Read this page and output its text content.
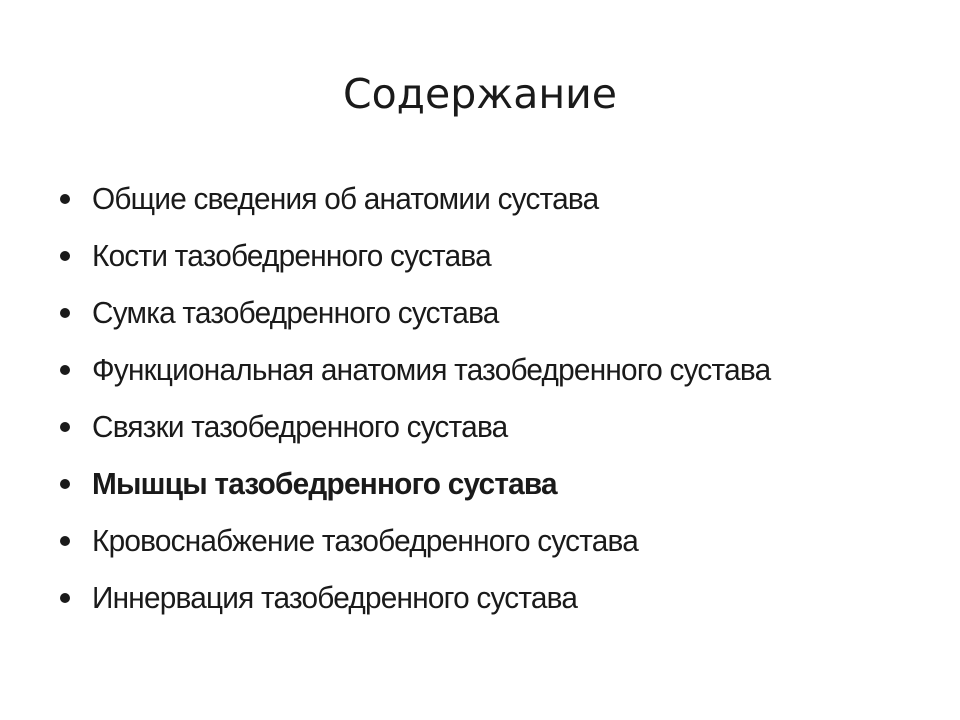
Содержание
Общие сведения об анатомии сустава
Кости тазобедренного сустава
Сумка тазобедренного сустава
Функциональная анатомия тазобедренного сустава
Связки тазобедренного сустава
Мышцы тазобедренного сустава
Кровоснабжение тазобедренного сустава
Иннервация тазобедренного сустава
